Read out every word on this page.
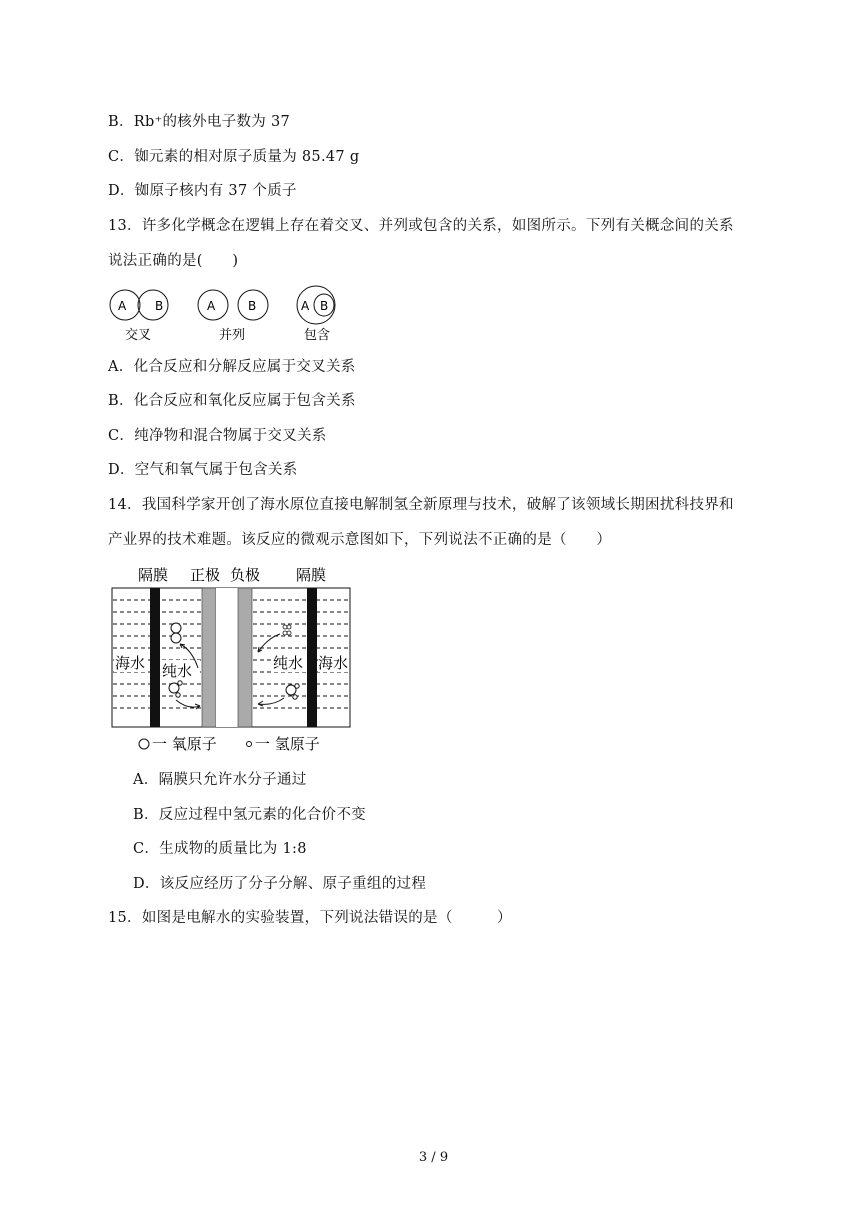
B．Rb⁺的核外电子数为 37
C．铷元素的相对原子质量为 85.47 g
D．铷原子核内有 37 个质子
13．许多化学概念在逻辑上存在着交叉、并列或包含的关系，如图所示。下列有关概念间的关系
说法正确的是(　　)
A B
交叉
A	B
并列
A B
包含
A．化合反应和分解反应属于交叉关系
B．化合反应和氧化反应属于包含关系
C．纯净物和混合物属于交叉关系
D．空气和氧气属于包含关系
14．我国科学家开创了海水原位直接电解制氢全新原理与技术，破解了该领域长期困扰科技界和
产业界的技术难题。该反应的微观示意图如下，下列说法不正确的是（　　）
隔膜 正极 负极 隔膜
海水 纯水	纯水 海水
一 氧原子	一 氢原子
A．隔膜只允许水分子通过
B．反应过程中氢元素的化合价不变
C．生成物的质量比为 1:8
D．该反应经历了分子分解、原子重组的过程
15．如图是电解水的实验装置，下列说法错误的是（　　　）
3 / 9
